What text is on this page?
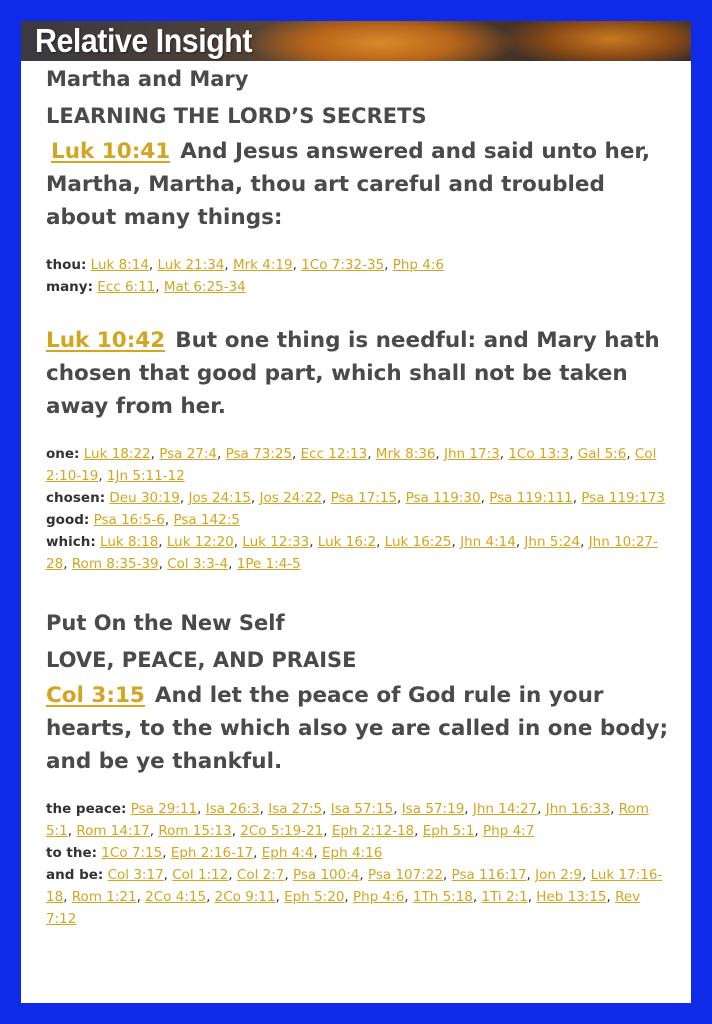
Relative Insight
Martha and Mary
LEARNING THE LORD’S SECRETS
Luk 10:41 And Jesus answered and said unto her, Martha, Martha, thou art careful and troubled about many things:
thou: Luk 8:14, Luk 21:34, Mrk 4:19, 1Co 7:32-35, Php 4:6
many: Ecc 6:11, Mat 6:25-34
Luk 10:42 But one thing is needful: and Mary hath chosen that good part, which shall not be taken away from her.
one: Luk 18:22, Psa 27:4, Psa 73:25, Ecc 12:13, Mrk 8:36, Jhn 17:3, 1Co 13:3, Gal 5:6, Col 2:10-19, 1Jn 5:11-12
chosen: Deu 30:19, Jos 24:15, Jos 24:22, Psa 17:15, Psa 119:30, Psa 119:111, Psa 119:173
good: Psa 16:5-6, Psa 142:5
which: Luk 8:18, Luk 12:20, Luk 12:33, Luk 16:2, Luk 16:25, Jhn 4:14, Jhn 5:24, Jhn 10:27-28, Rom 8:35-39, Col 3:3-4, 1Pe 1:4-5
Put On the New Self
LOVE, PEACE, AND PRAISE
Col 3:15 And let the peace of God rule in your hearts, to the which also ye are called in one body; and be ye thankful.
the peace: Psa 29:11, Isa 26:3, Isa 27:5, Isa 57:15, Isa 57:19, Jhn 14:27, Jhn 16:33, Rom 5:1, Rom 14:17, Rom 15:13, 2Co 5:19-21, Eph 2:12-18, Eph 5:1, Php 4:7
to the: 1Co 7:15, Eph 2:16-17, Eph 4:4, Eph 4:16
and be: Col 3:17, Col 1:12, Col 2:7, Psa 100:4, Psa 107:22, Psa 116:17, Jon 2:9, Luk 17:16-18, Rom 1:21, 2Co 4:15, 2Co 9:11, Eph 5:20, Php 4:6, 1Th 5:18, 1Ti 2:1, Heb 13:15, Rev 7:12
